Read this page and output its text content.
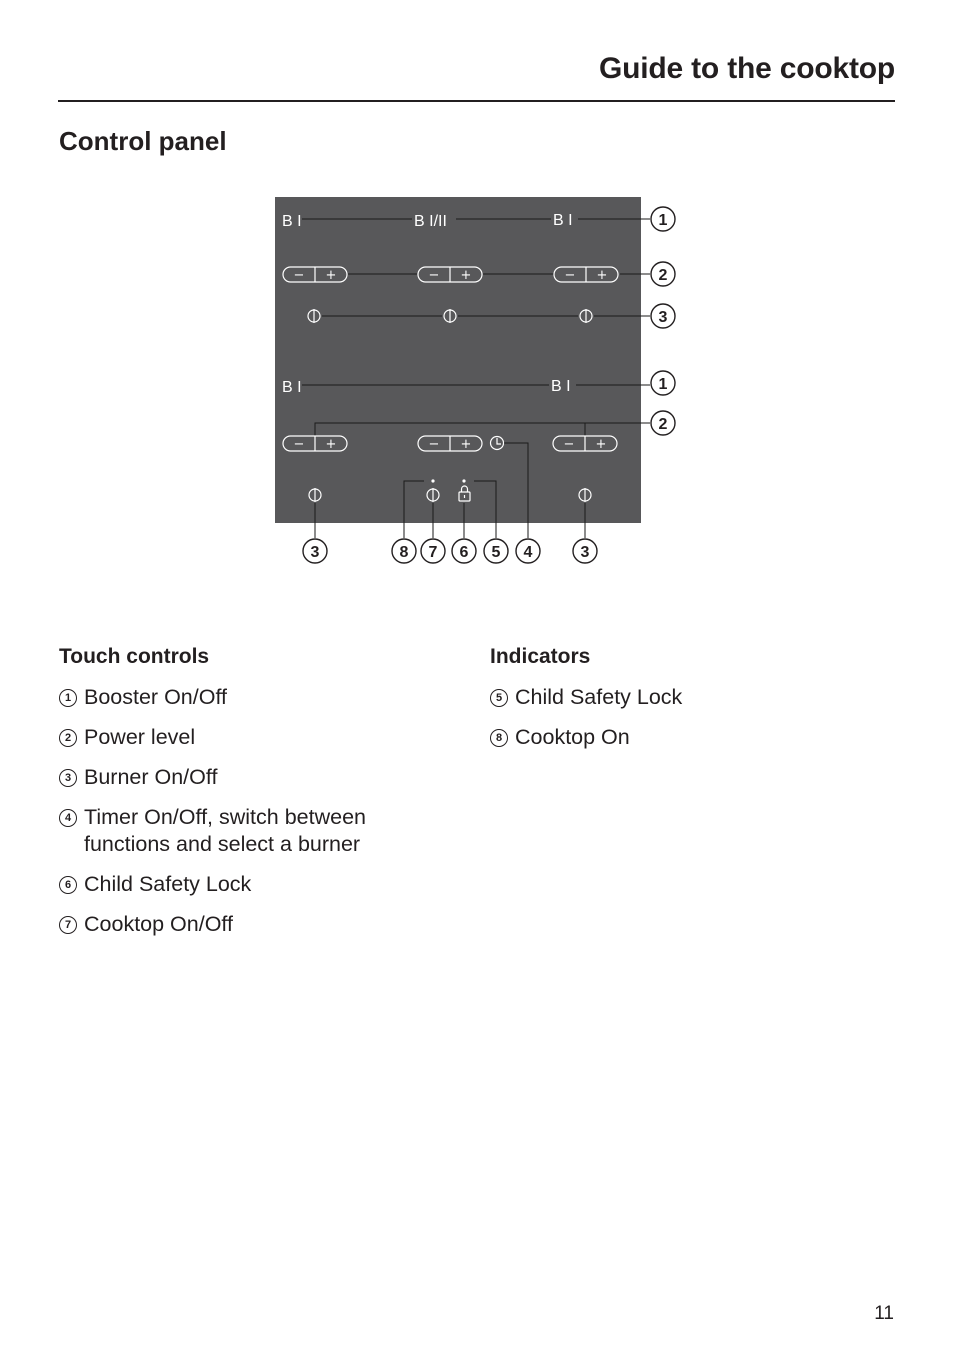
Guide to the cooktop
Control panel
B I	B I/II	B I
B I	B I
− +	− +	− +
− +	− +	− +
1
2
3
1
2
3	8 7 6 5 4	3
Touch controls
1 Booster On/Off
2 Power level
3 Burner On/Off
4 Timer On/Off, switch between functions and select a burner
6 Child Safety Lock
7 Cooktop On/Off
Indicators
5 Child Safety Lock
8 Cooktop On
11
